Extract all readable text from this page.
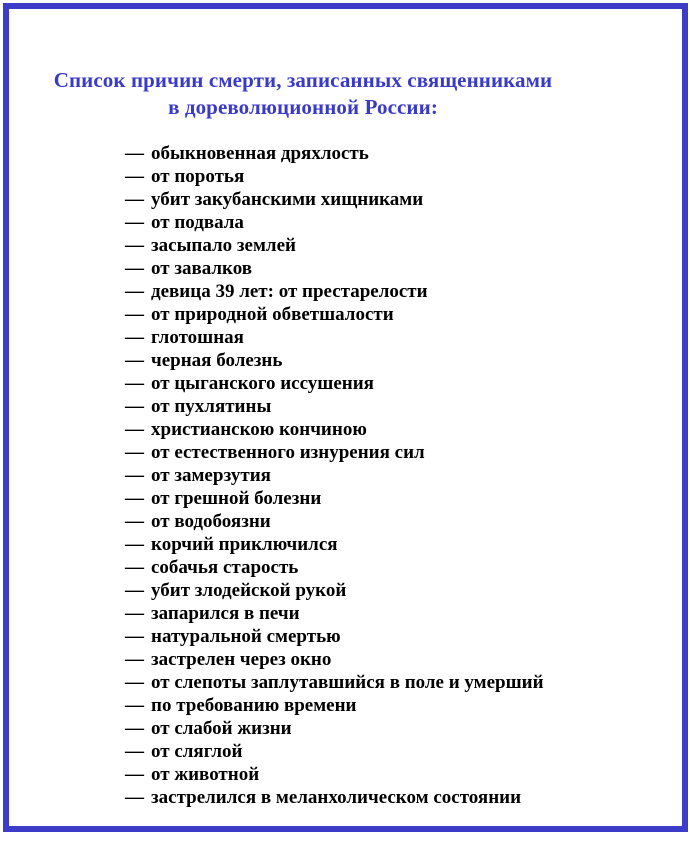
Список причин смерти, записанных священниками
в дореволюционной России:
— обыкновенная дряхлость
— от поротья
— убит закубанскими хищниками
— от подвала
— засыпало землей
— от завалков
— девица 39 лет: от престарелости
— от природной обветшалости
— глотошная
— черная болезнь
— от цыганского иссушения
— от пухлятины
— христианскою кончиною
— от естественного изнурения сил
— от замерзутия
— от грешной болезни
— от водобоязни
— корчий приключился
— собачья старость
— убит злодейской рукой
— запарился в печи
— натуральной смертью
— застрелен через окно
— от слепоты заплутавшийся в поле и умерший
— по требованию времени
— от слабой жизни
— от сляглой
— от животной
— застрелился в меланхолическом состоянии
